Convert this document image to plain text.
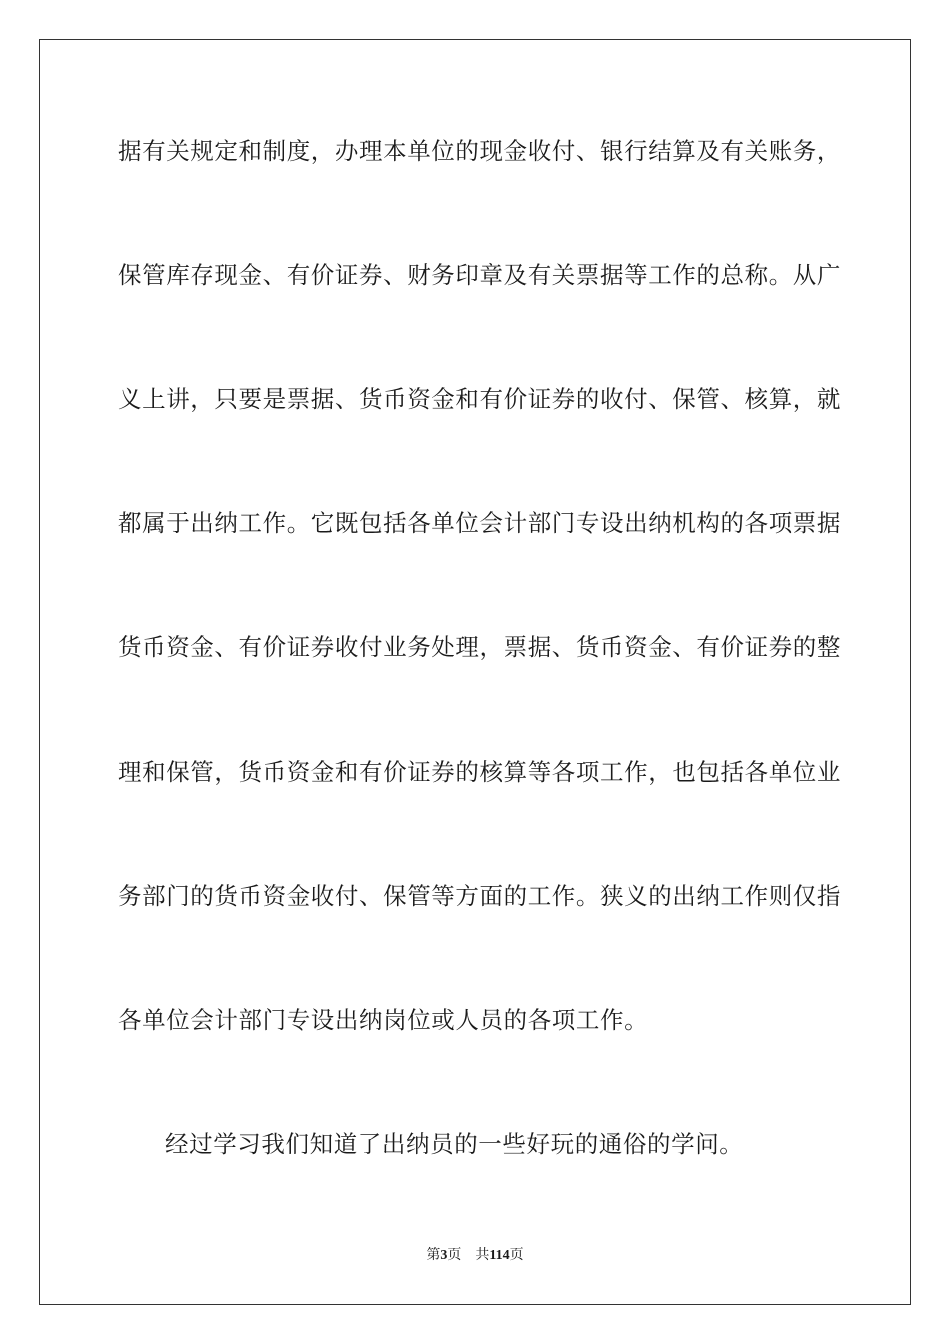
据有关规定和制度，办理本单位的现金收付、银行结算及有关账务，
保管库存现金、有价证券、财务印章及有关票据等工作的总称。从广
义上讲，只要是票据、货币资金和有价证券的收付、保管、核算，就
都属于出纳工作。它既包括各单位会计部门专设出纳机构的各项票据
货币资金、有价证券收付业务处理，票据、货币资金、有价证券的整
理和保管，货币资金和有价证券的核算等各项工作，也包括各单位业
务部门的货币资金收付、保管等方面的工作。狭义的出纳工作则仅指
各单位会计部门专设出纳岗位或人员的各项工作。
经过学习我们知道了出纳员的一些好玩的通俗的学问。
第3页 共114页
